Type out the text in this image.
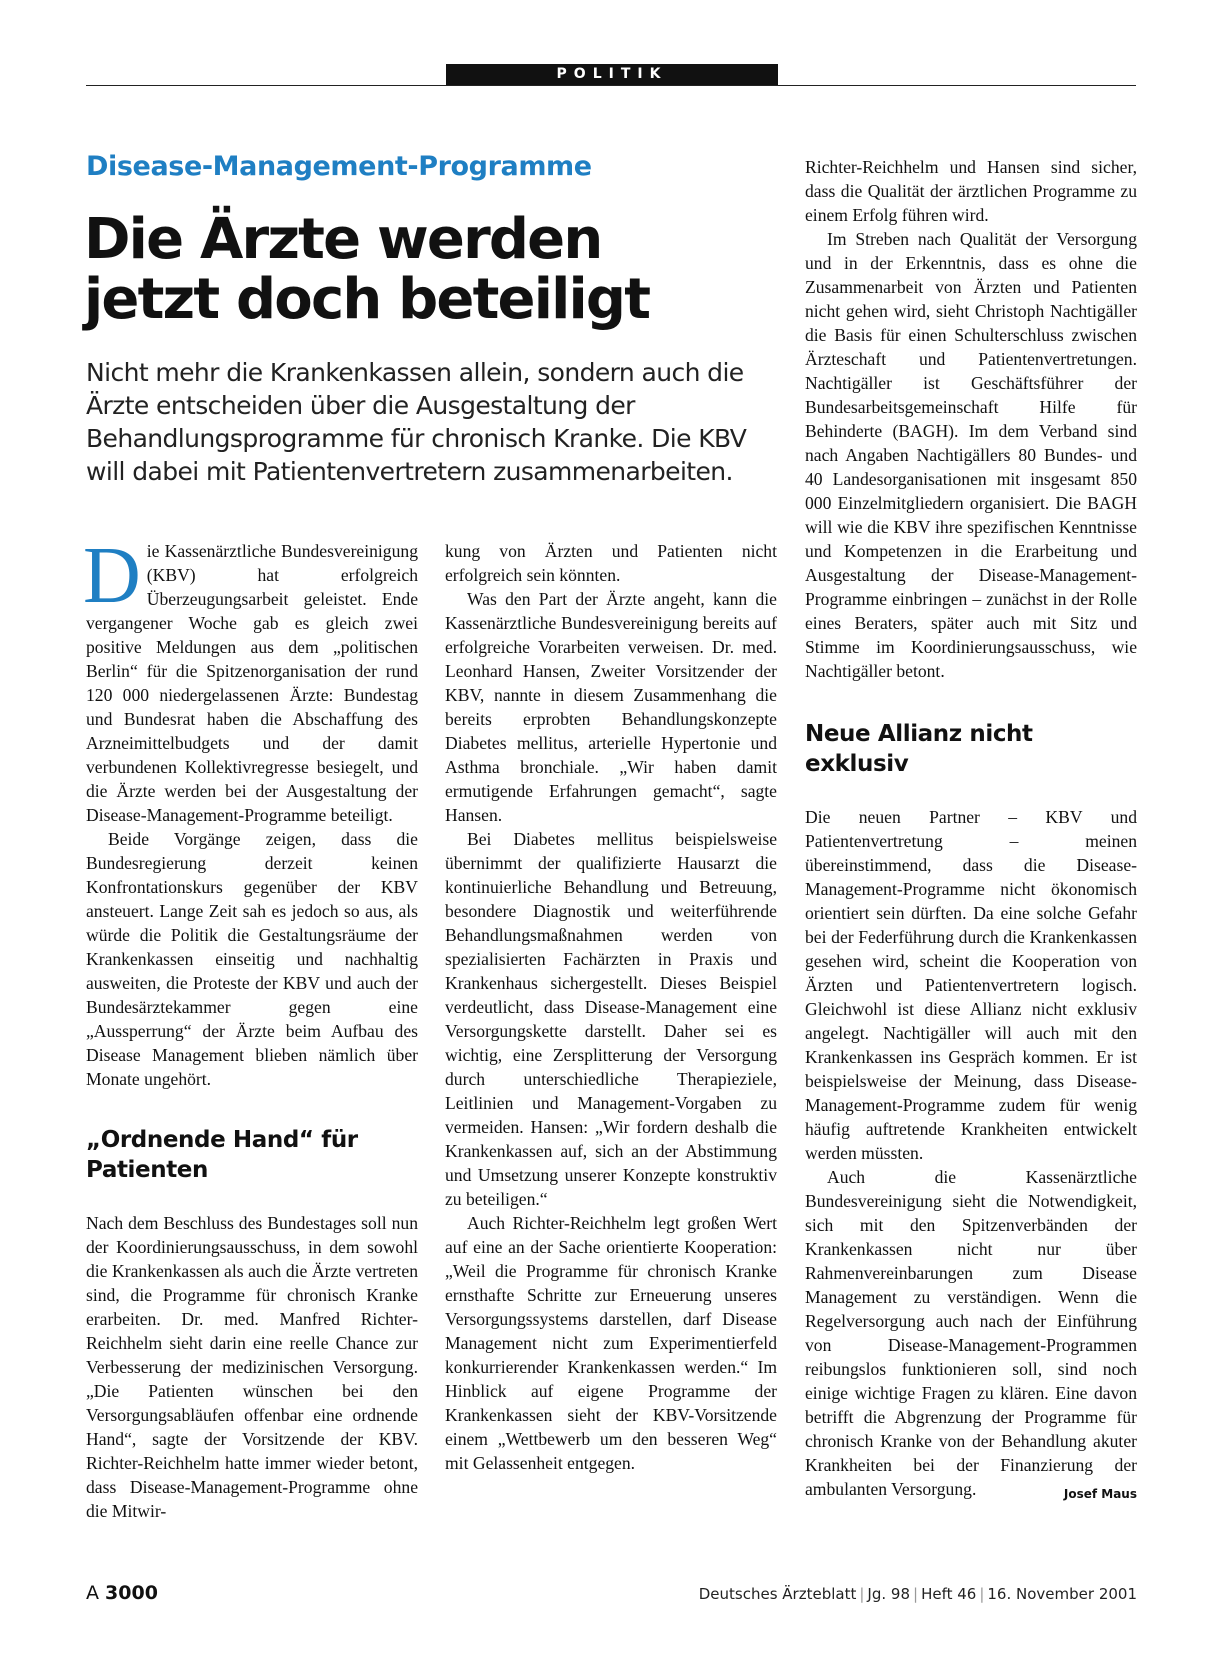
POLITIK
Disease-Management-Programme
Die Ärzte werden jetzt doch beteiligt
Nicht mehr die Krankenkassen allein, sondern auch die Ärzte entscheiden über die Ausgestaltung der Behandlungsprogramme für chronisch Kranke. Die KBV will dabei mit Patientenvertretern zusammenarbeiten.

Die Kassenärztliche Bundesvereinigung (KBV) hat erfolgreich Überzeugungsarbeit geleistet. Ende vergangener Woche gab es gleich zwei positive Meldungen aus dem „politischen Berlin“ für die Spitzenorganisation der rund 120 000 niedergelassenen Ärzte: Bundestag und Bundesrat haben die Abschaffung des Arzneimittelbudgets und der damit verbundenen Kollektivregresse besiegelt, und die Ärzte werden bei der Ausgestaltung der Disease-Management-Programme beteiligt.

Beide Vorgänge zeigen, dass die Bundesregierung derzeit keinen Konfrontationskurs gegenüber der KBV ansteuert. Lange Zeit sah es jedoch so aus, als würde die Politik die Gestaltungsräume der Krankenkassen einseitig und nachhaltig ausweiten, die Proteste der KBV und auch der Bundesärztekammer gegen eine „Aussperrung“ der Ärzte beim Aufbau des Disease Management blieben nämlich über Monate ungehört.

„Ordnende Hand“ für Patienten

Nach dem Beschluss des Bundestages soll nun der Koordinierungsausschuss, in dem sowohl die Krankenkassen als auch die Ärzte vertreten sind, die Programme für chronisch Kranke erarbeiten. Dr. med. Manfred Richter-Reichhelm sieht darin eine reelle Chance zur Verbesserung der medizinischen Versorgung. „Die Patienten wünschen bei den Versorgungsabläufen offenbar eine ordnende Hand“, sagte der Vorsitzende der KBV. Richter-Reichhelm hatte immer wieder betont, dass Disease-Management-Programme ohne die Mitwir-

kung von Ärzten und Patienten nicht erfolgreich sein könnten.

Was den Part der Ärzte angeht, kann die Kassenärztliche Bundesvereinigung bereits auf erfolgreiche Vorarbeiten verweisen. Dr. med. Leonhard Hansen, Zweiter Vorsitzender der KBV, nannte in diesem Zusammenhang die bereits erprobten Behandlungskonzepte Diabetes mellitus, arterielle Hypertonie und Asthma bronchiale. „Wir haben damit ermutigende Erfahrungen gemacht“, sagte Hansen.

Bei Diabetes mellitus beispielsweise übernimmt der qualifizierte Hausarzt die kontinuierliche Behandlung und Betreuung, besondere Diagnostik und weiterführende Behandlungsmaßnahmen werden von spezialisierten Fachärzten in Praxis und Krankenhaus sichergestellt. Dieses Beispiel verdeutlicht, dass Disease-Management eine Versorgungskette darstellt. Daher sei es wichtig, eine Zersplitterung der Versorgung durch unterschiedliche Therapieziele, Leitlinien und Management-Vorgaben zu vermeiden. Hansen: „Wir fordern deshalb die Krankenkassen auf, sich an der Abstimmung und Umsetzung unserer Konzepte konstruktiv zu beteiligen.“

Auch Richter-Reichhelm legt großen Wert auf eine an der Sache orientierte Kooperation: „Weil die Programme für chronisch Kranke ernsthafte Schritte zur Erneuerung unseres Versorgungssystems darstellen, darf Disease Management nicht zum Experimentierfeld konkurrierender Krankenkassen werden.“ Im Hinblick auf eigene Programme der Krankenkassen sieht der KBV-Vorsitzende einem „Wettbewerb um den besseren Weg“ mit Gelassenheit entgegen.

Richter-Reichhelm und Hansen sind sicher, dass die Qualität der ärztlichen Programme zu einem Erfolg führen wird.

Im Streben nach Qualität der Versorgung und in der Erkenntnis, dass es ohne die Zusammenarbeit von Ärzten und Patienten nicht gehen wird, sieht Christoph Nachtigäller die Basis für einen Schulterschluss zwischen Ärzteschaft und Patientenvertretungen. Nachtigäller ist Geschäftsführer der Bundesarbeitsgemeinschaft Hilfe für Behinderte (BAGH). Im dem Verband sind nach Angaben Nachtigällers 80 Bundes- und 40 Landesorganisationen mit insgesamt 850 000 Einzelmitgliedern organisiert. Die BAGH will wie die KBV ihre spezifischen Kenntnisse und Kompetenzen in die Erarbeitung und Ausgestaltung der Disease-Management-Programme einbringen – zunächst in der Rolle eines Beraters, später auch mit Sitz und Stimme im Koordinierungsausschuss, wie Nachtigäller betont.

Neue Allianz nicht exklusiv

Die neuen Partner – KBV und Patientenvertretung – meinen übereinstimmend, dass die Disease-Management-Programme nicht ökonomisch orientiert sein dürften. Da eine solche Gefahr bei der Federführung durch die Krankenkassen gesehen wird, scheint die Kooperation von Ärzten und Patientenvertretern logisch. Gleichwohl ist diese Allianz nicht exklusiv angelegt. Nachtigäller will auch mit den Krankenkassen ins Gespräch kommen. Er ist beispielsweise der Meinung, dass Disease-Management-Programme zudem für wenig häufig auftretende Krankheiten entwickelt werden müssten.

Auch die Kassenärztliche Bundesvereinigung sieht die Notwendigkeit, sich mit den Spitzenverbänden der Krankenkassen nicht nur über Rahmenvereinbarungen zum Disease Management zu verständigen. Wenn die Regelversorgung auch nach der Einführung von Disease-Management-Programmen reibungslos funktionieren soll, sind noch einige wichtige Fragen zu klären. Eine davon betrifft die Abgrenzung der Programme für chronisch Kranke von der Behandlung akuter Krankheiten bei der Finanzierung der ambulanten Versorgung.	Josef Maus

A 3000	Deutsches Ärzteblatt | Jg. 98 | Heft 46 | 16. November 2001
